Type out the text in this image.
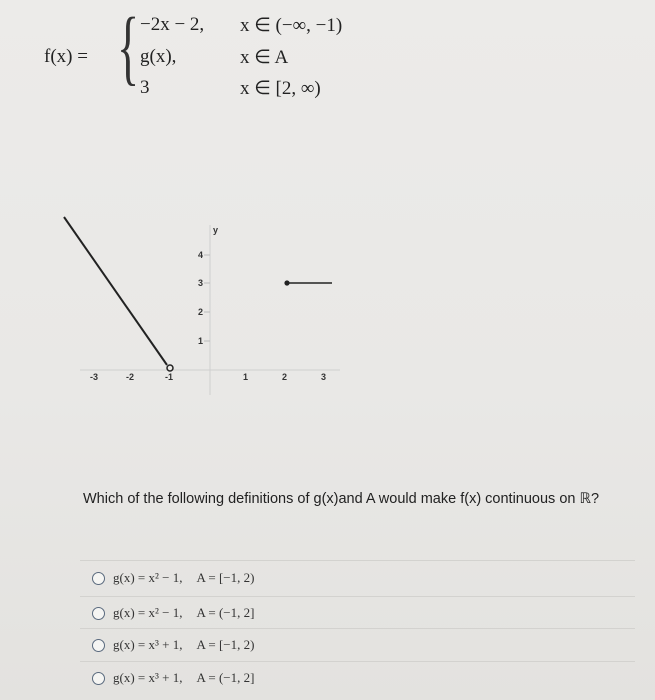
f(x) = { −2x − 2, x ∈ (−∞, −1)
g(x),	x ∈ A
3	x ∈ [2, ∞)
y
4
3
2
1
-3	-2	-1	1	2	3
Which of the following definitions of g(x)and A would make f(x) continuous on ℝ?
g(x) = x² − 1, A = [−1, 2)
g(x) = x² − 1, A = (−1, 2]
g(x) = x³ + 1, A = [−1, 2)
g(x) = x³ + 1, A = (−1, 2]
